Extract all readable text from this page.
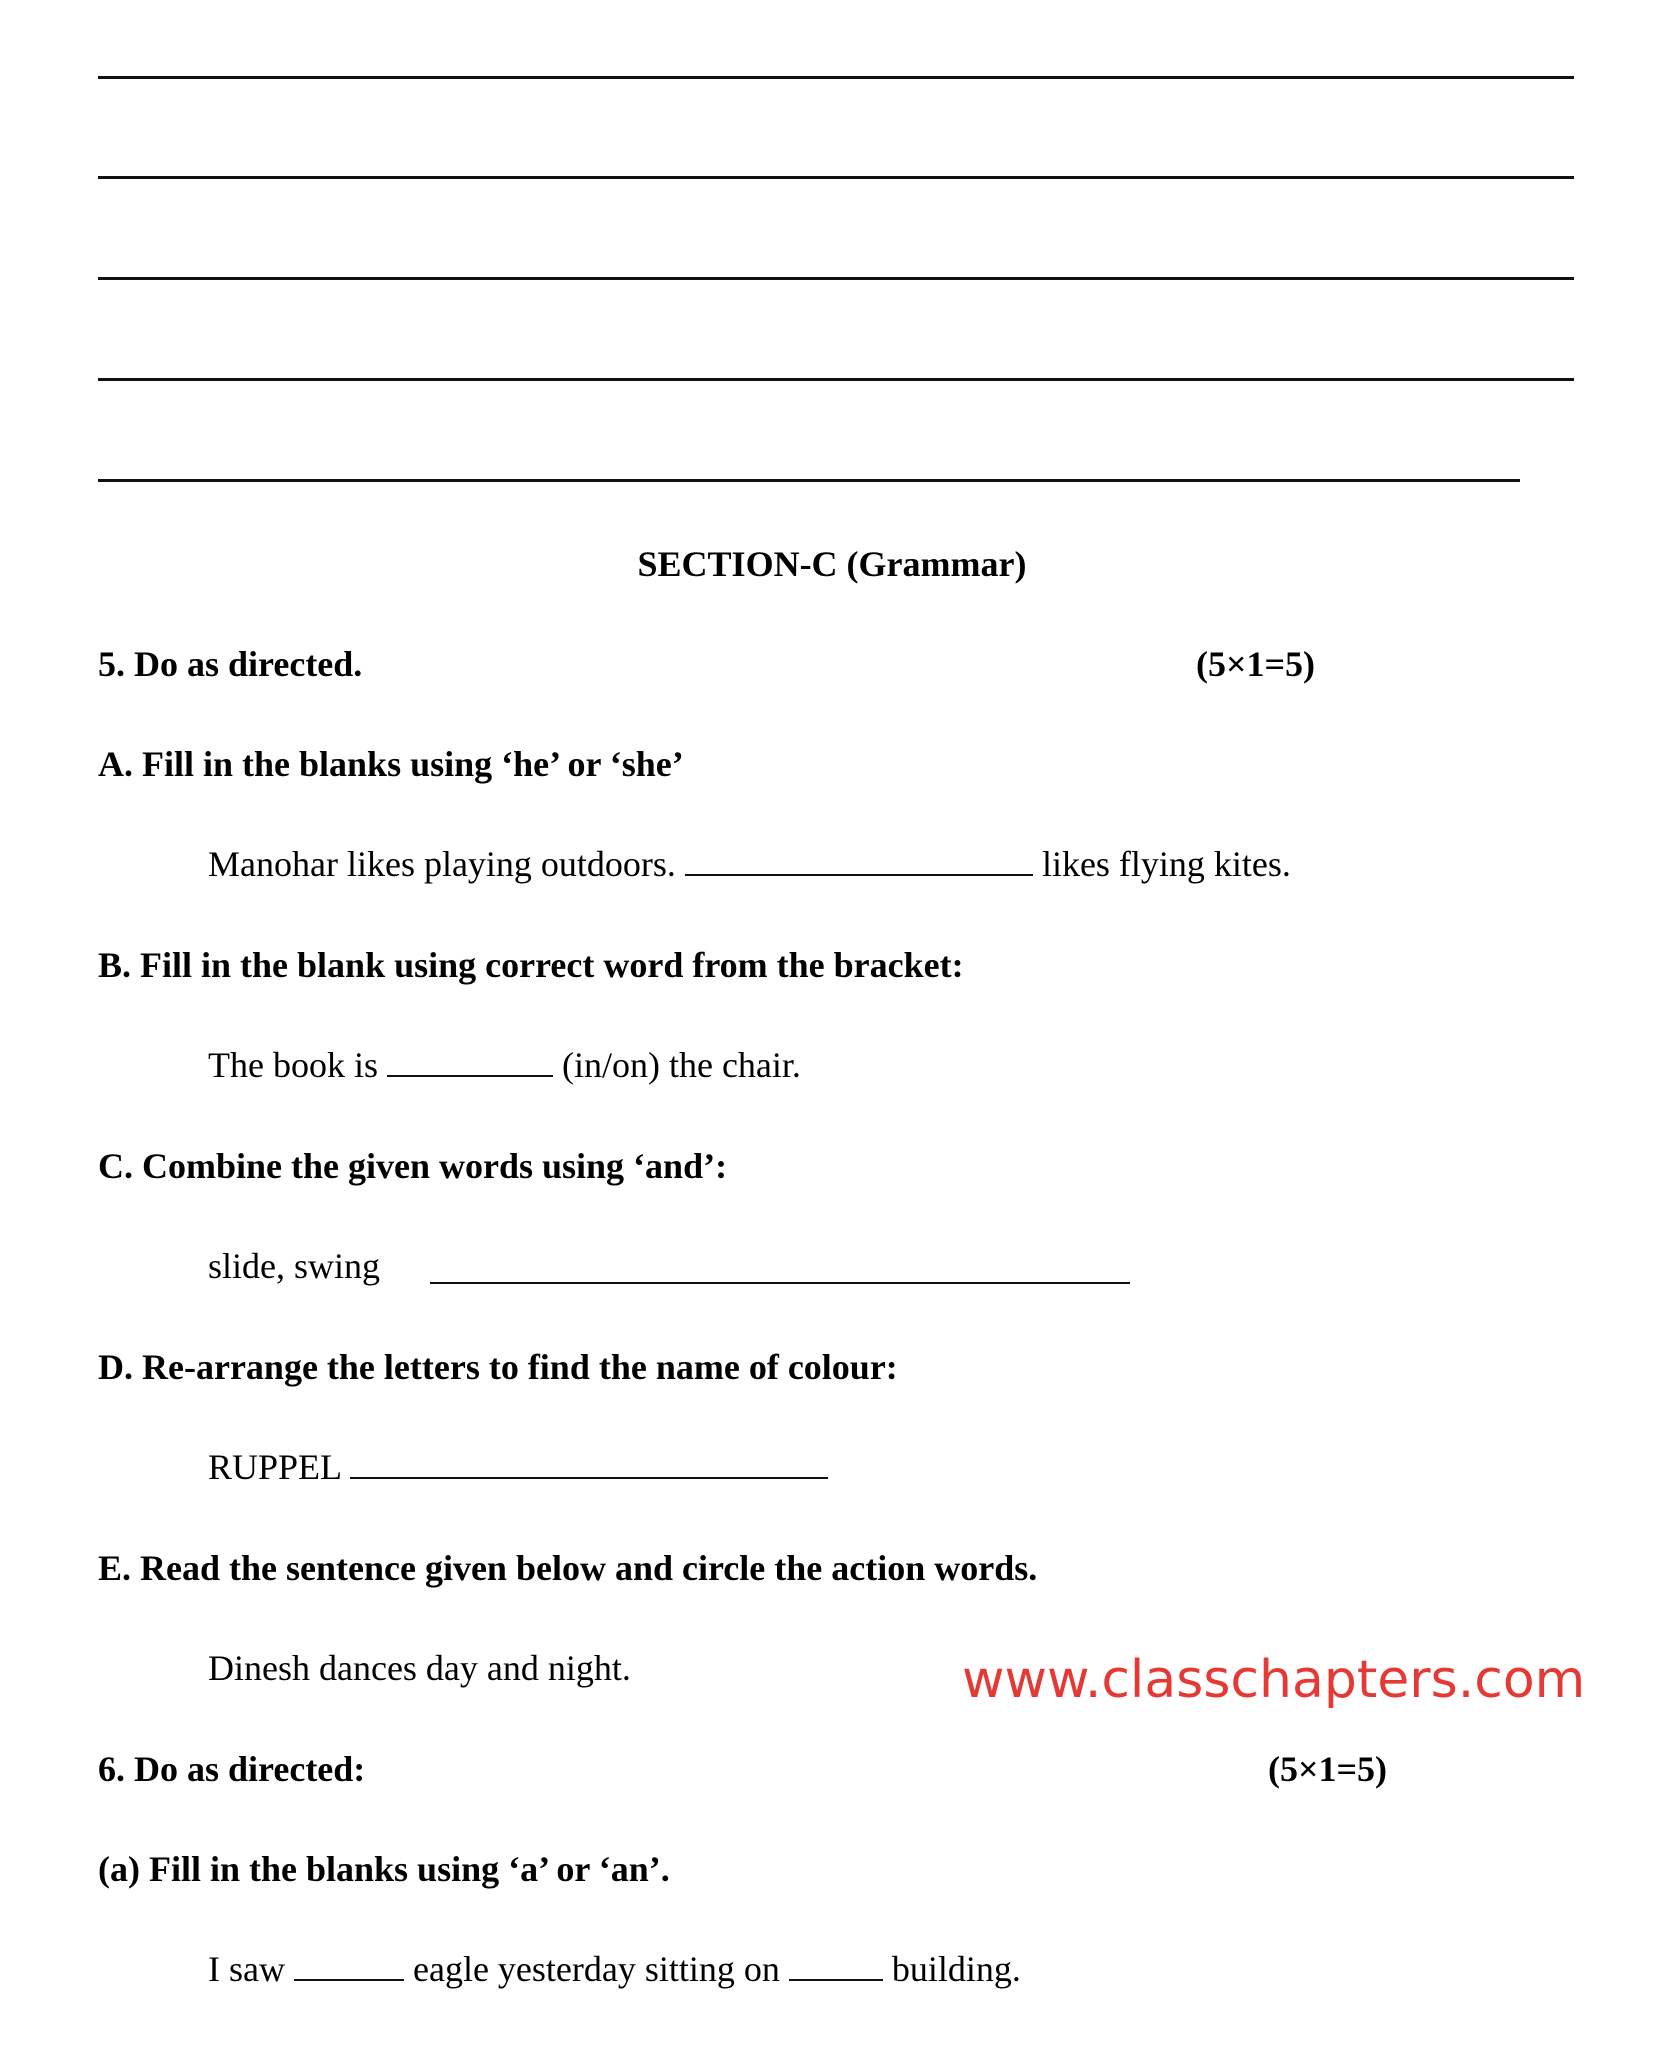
SECTION-C (Grammar)
5. Do as directed.	(5×1=5)
A. Fill in the blanks using ‘he’ or ‘she’
Manohar likes playing outdoors.	likes flying kites.
B. Fill in the blank using correct word from the bracket:
The book is	(in/on) the chair.
C. Combine the given words using ‘and’:
slide, swing
D. Re-arrange the letters to find the name of colour:
RUPPEL
E. Read the sentence given below and circle the action words.
Dinesh dances day and night.	www.classchapters.com
6. Do as directed:	(5×1=5)
(a) Fill in the blanks using ‘a’ or ‘an’.
I saw	eagle yesterday sitting on	building.
